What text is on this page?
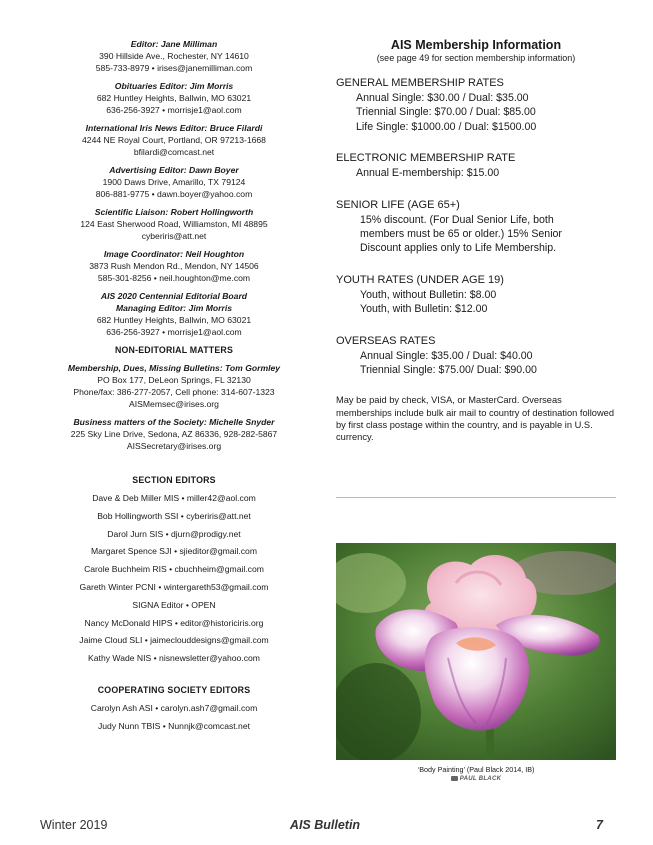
Editor: Jane Milliman
390 Hillside Ave., Rochester, NY 14610
585-733-8979 • irises@janemilliman.com
Obituaries Editor: Jim Morris
682 Huntley Heights, Ballwin, MO 63021
636-256-3927 • morrisje1@aol.com
International Iris News Editor: Bruce Filardi
4244 NE Royal Court, Portland, OR 97213-1668
bfilardi@comcast.net
Advertising Editor: Dawn Boyer
1900 Daws Drive, Amarillo, TX 79124
806-881-9775 • dawn.boyer@yahoo.com
Scientific Liaison: Robert Hollingworth
124 East Sherwood Road, Williamston, MI 48895
cyberiris@att.net
Image Coordinator: Neil Houghton
3873 Rush Mendon Rd., Mendon, NY 14506
585-301-8256 • neil.houghton@me.com
AIS 2020 Centennial Editorial Board
Managing Editor: Jim Morris
682 Huntley Heights, Ballwin, MO 63021
636-256-3927 • morrisje1@aol.com
NON-EDITORIAL MATTERS
Membership, Dues, Missing Bulletins: Tom Gormley
PO Box 177, DeLeon Springs, FL 32130
Phone/fax: 386-277-2057, Cell phone: 314-607-1323
AISMemsec@irises.org
Business matters of the Society: Michelle Snyder
225 Sky Line Drive, Sedona, AZ 86336, 928-282-5867
AISSecretary@irises.org
SECTION EDITORS
Dave & Deb Miller MIS • miller42@aol.com
Bob Hollingworth SSI • cyberiris@att.net
Darol Jurn SIS • djurn@prodigy.net
Margaret Spence SJI • sjieditor@gmail.com
Carole Buchheim RIS • cbuchheim@gmail.com
Gareth Winter PCNI • wintergareth53@gmail.com
SIGNA Editor • OPEN
Nancy McDonald HIPS • editor@historiciris.org
Jaime Cloud SLI • jaimeclouddesigns@gmail.com
Kathy Wade NIS • nisnewsletter@yahoo.com
COOPERATING SOCIETY EDITORS
Carolyn Ash ASI • carolyn.ash7@gmail.com
Judy Nunn TBIS • Nunnjk@comcast.net
AIS Membership Information
(see page 49 for section membership information)
GENERAL MEMBERSHIP RATES
Annual Single: $30.00 / Dual: $35.00
Triennial Single: $70.00 / Dual: $85.00
Life Single: $1000.00 / Dual: $1500.00
ELECTRONIC MEMBERSHIP RATE
Annual E-membership: $15.00
SENIOR LIFE (AGE 65+)
15% discount. (For Dual Senior Life, both
members must be 65 or older.) 15% Senior
Discount applies only to Life Membership.
YOUTH RATES (UNDER AGE 19)
Youth, without Bulletin: $8.00
Youth, with Bulletin: $12.00
OVERSEAS RATES
Annual Single: $35.00 / Dual: $40.00
Triennial Single: $75.00/ Dual: $90.00
May be paid by check, VISA, or MasterCard. Overseas memberships include bulk air mail to country of destination followed by first class postage within the country, and is payable in U.S. currency.
‘Body Painting’ (Paul Black 2014, IB)
PAUL BLACK
Winter 2019	AIS Bulletin	7
